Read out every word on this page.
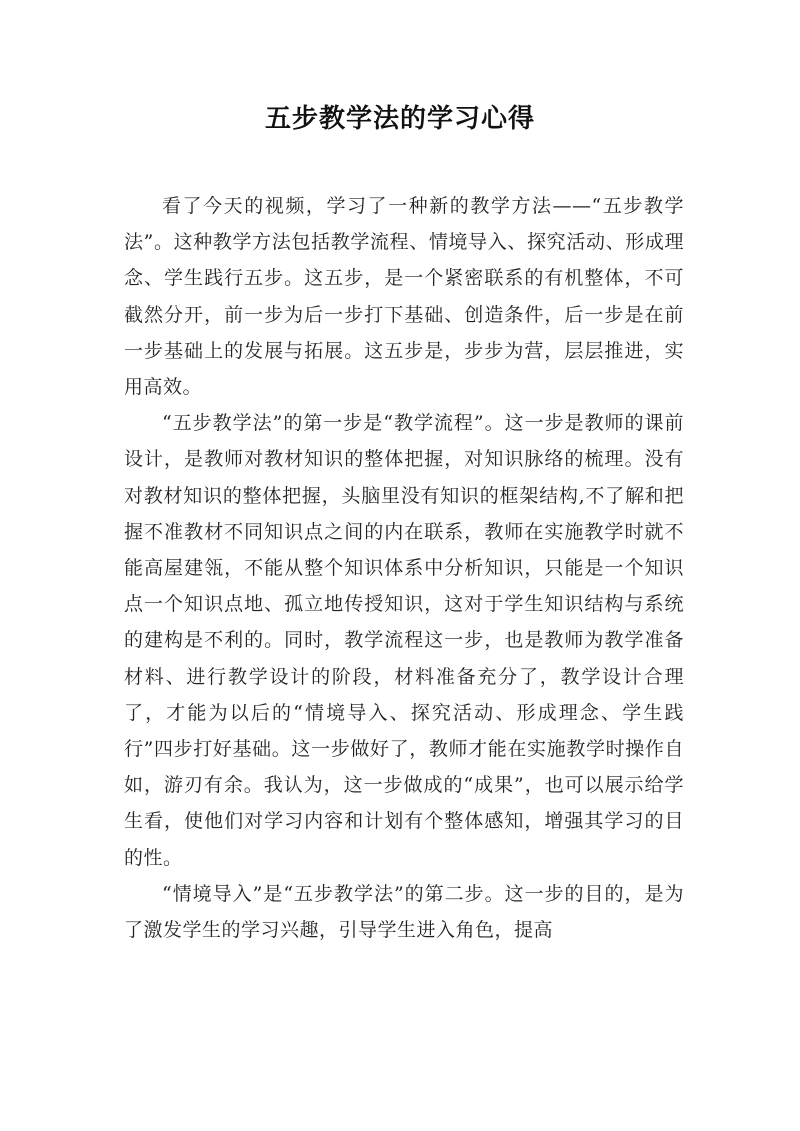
五步教学法的学习心得

看了今天的视频，学习了一种新的教学方法——“五步教学法”。这种教学方法包括教学流程、情境导入、探究活动、形成理念、学生践行五步。这五步，是一个紧密联系的有机整体，不可截然分开，前一步为后一步打下基础、创造条件，后一步是在前一步基础上的发展与拓展。这五步是，步步为营，层层推进，实用高效。

“五步教学法”的第一步是“教学流程”。这一步是教师的课前设计，是教师对教材知识的整体把握，对知识脉络的梳理。没有对教材知识的整体把握，头脑里没有知识的框架结构,不了解和把握不准教材不同知识点之间的内在联系，教师在实施教学时就不能高屋建瓴，不能从整个知识体系中分析知识，只能是一个知识点一个知识点地、孤立地传授知识，这对于学生知识结构与系统的建构是不利的。同时，教学流程这一步，也是教师为教学准备材料、进行教学设计的阶段，材料准备充分了，教学设计合理了，才能为以后的“情境导入、探究活动、形成理念、学生践行”四步打好基础。这一步做好了，教师才能在实施教学时操作自如，游刃有余。我认为，这一步做成的“成果”，也可以展示给学生看，使他们对学习内容和计划有个整体感知，增强其学习的目的性。

“情境导入”是“五步教学法”的第二步。这一步的目的，是为了激发学生的学习兴趣，引导学生进入角色，提高
